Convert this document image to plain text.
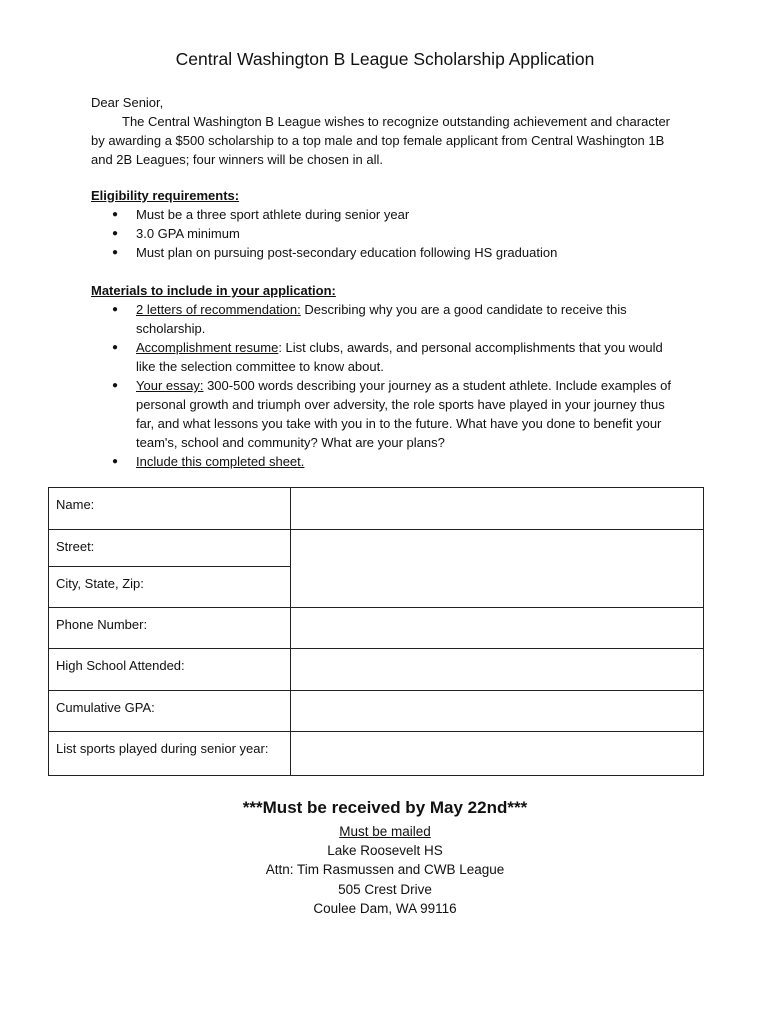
Central Washington B League Scholarship Application
Dear Senior,
The Central Washington B League wishes to recognize outstanding achievement and character by awarding a $500 scholarship to a top male and top female applicant from Central Washington 1B and 2B Leagues; four winners will be chosen in all.
Eligibility requirements:
● Must be a three sport athlete during senior year
● 3.0 GPA minimum
● Must plan on pursuing post-secondary education following HS graduation
Materials to include in your application:
● 2 letters of recommendation: Describing why you are a good candidate to receive this scholarship.
● Accomplishment resume: List clubs, awards, and personal accomplishments that you would like the selection committee to know about.
● Your essay: 300-500 words describing your journey as a student athlete. Include examples of personal growth and triumph over adversity, the role sports have played in your journey thus far, and what lessons you take with you in to the future. What have you done to benefit your team's, school and community? What are your plans?
● Include this completed sheet.
Name:	
Street:	
City, State, Zip:	
Phone Number:	
High School Attended:	
Cumulative GPA:	
List sports played during senior year:	
***Must be received by May 22nd***
Must be mailed
Lake Roosevelt HS
Attn: Tim Rasmussen and CWB League
505 Crest Drive
Coulee Dam, WA 99116
